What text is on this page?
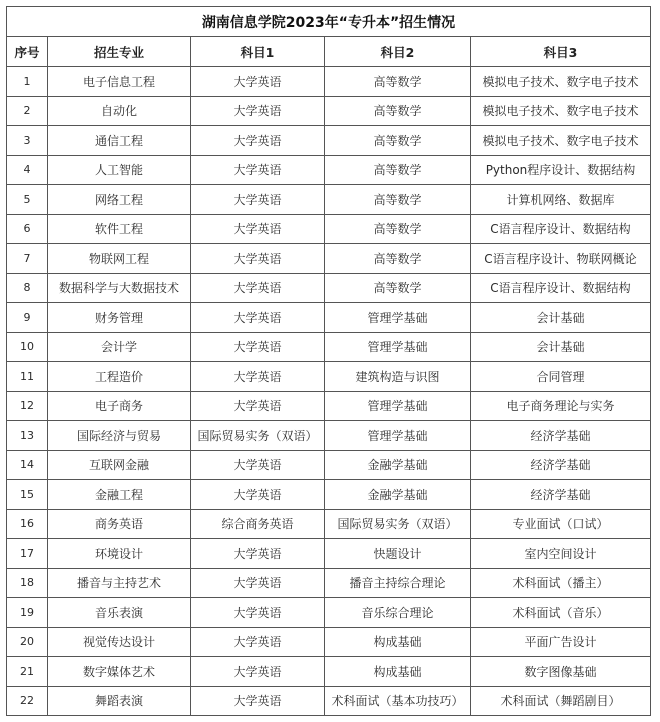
湖南信息学院2023年“专升本”招生情况				
序号	招生专业	科目1	科目2	科目3
1	电子信息工程	大学英语	高等数学	模拟电子技术、数字电子技术
2	自动化	大学英语	高等数学	模拟电子技术、数字电子技术
3	通信工程	大学英语	高等数学	模拟电子技术、数字电子技术
4	人工智能	大学英语	高等数学	Python程序设计、数据结构
5	网络工程	大学英语	高等数学	计算机网络、数据库
6	软件工程	大学英语	高等数学	C语言程序设计、数据结构
7	物联网工程	大学英语	高等数学	C语言程序设计、物联网概论
8	数据科学与大数据技术	大学英语	高等数学	C语言程序设计、数据结构
9	财务管理	大学英语	管理学基础	会计基础
10	会计学	大学英语	管理学基础	会计基础
11	工程造价	大学英语	建筑构造与识图	合同管理
12	电子商务	大学英语	管理学基础	电子商务理论与实务
13	国际经济与贸易	国际贸易实务（双语）	管理学基础	经济学基础
14	互联网金融	大学英语	金融学基础	经济学基础
15	金融工程	大学英语	金融学基础	经济学基础
16	商务英语	综合商务英语	国际贸易实务（双语）	专业面试（口试）
17	环境设计	大学英语	快题设计	室内空间设计
18	播音与主持艺术	大学英语	播音主持综合理论	术科面试（播主）
19	音乐表演	大学英语	音乐综合理论	术科面试（音乐）
20	视觉传达设计	大学英语	构成基础	平面广告设计
21	数字媒体艺术	大学英语	构成基础	数字图像基础
22	舞蹈表演	大学英语	术科面试（基本功技巧）	术科面试（舞蹈剧目）
